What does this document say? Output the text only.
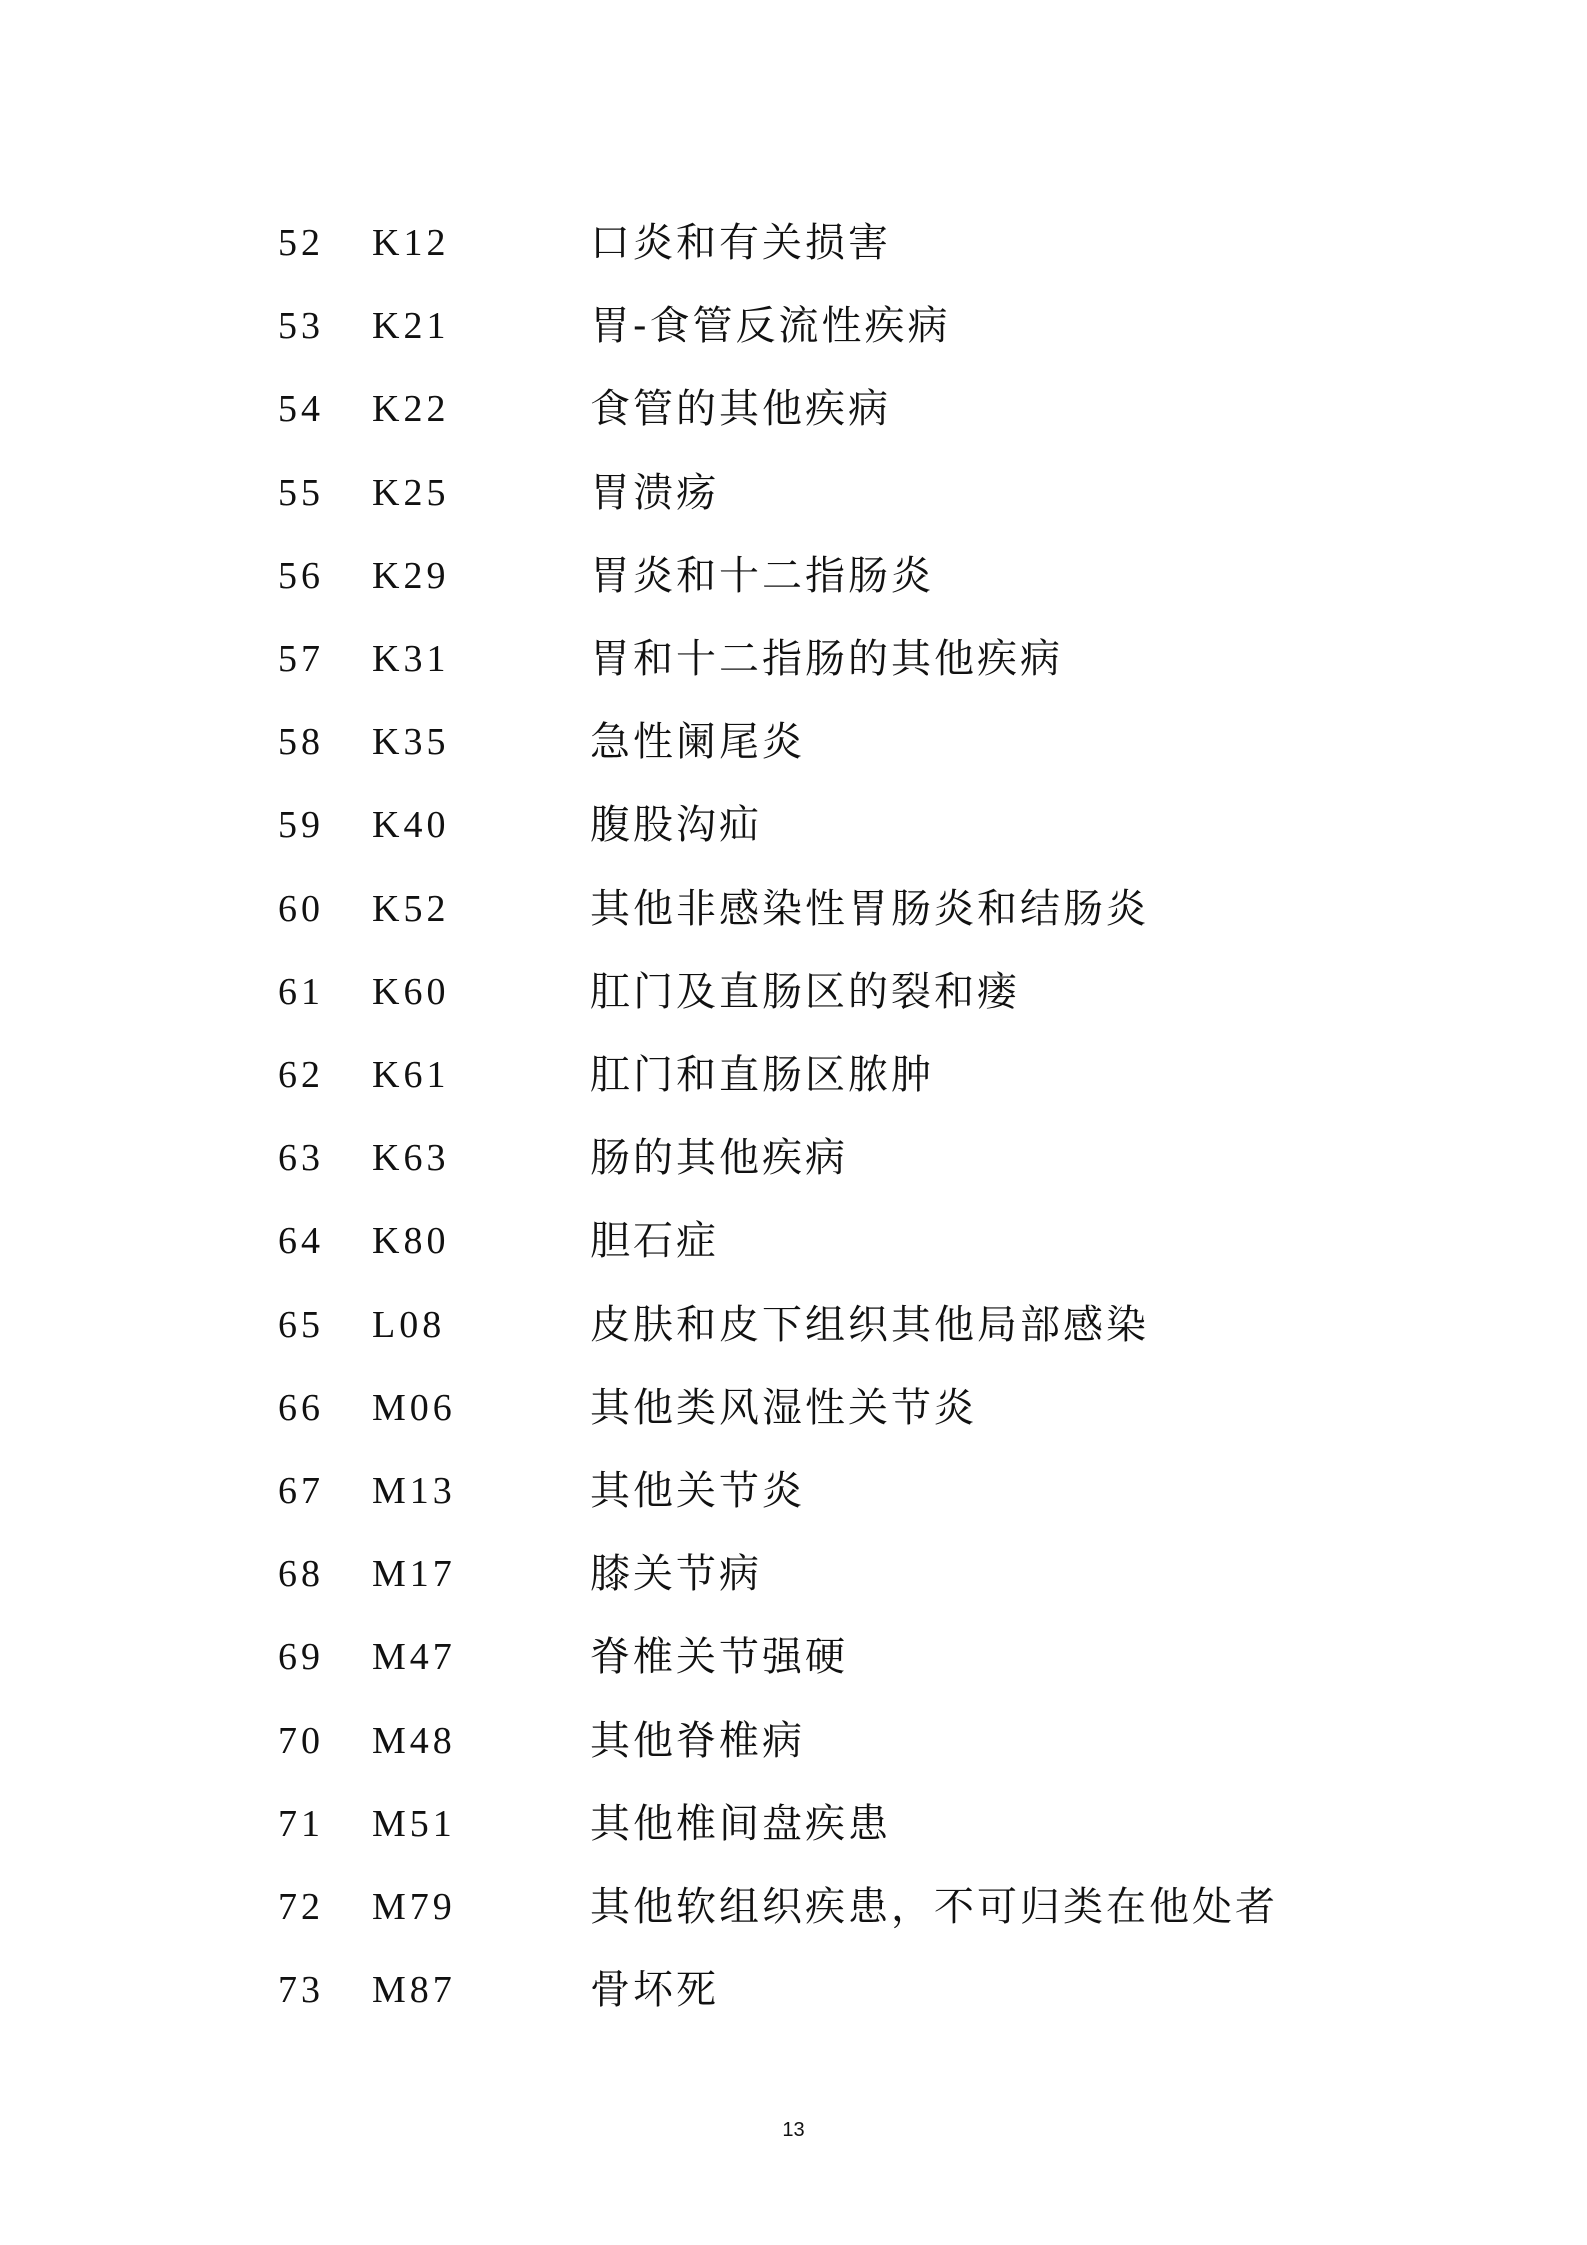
52 K12	口炎和有关损害
53 K21	胃-食管反流性疾病
54 K22	食管的其他疾病
55 K25	胃溃疡
56 K29	胃炎和十二指肠炎
57 K31	胃和十二指肠的其他疾病
58 K35	急性阑尾炎
59 K40	腹股沟疝
60 K52	其他非感染性胃肠炎和结肠炎
61 K60	肛门及直肠区的裂和瘘
62 K61	肛门和直肠区脓肿
63 K63	肠的其他疾病
64 K80	胆石症
65 L08	皮肤和皮下组织其他局部感染
66 M06	其他类风湿性关节炎
67 M13	其他关节炎
68 M17	膝关节病
69 M47	脊椎关节强硬
70 M48	其他脊椎病
71 M51	其他椎间盘疾患
72 M79	其他软组织疾患，不可归类在他处者
73 M87	骨坏死
13
